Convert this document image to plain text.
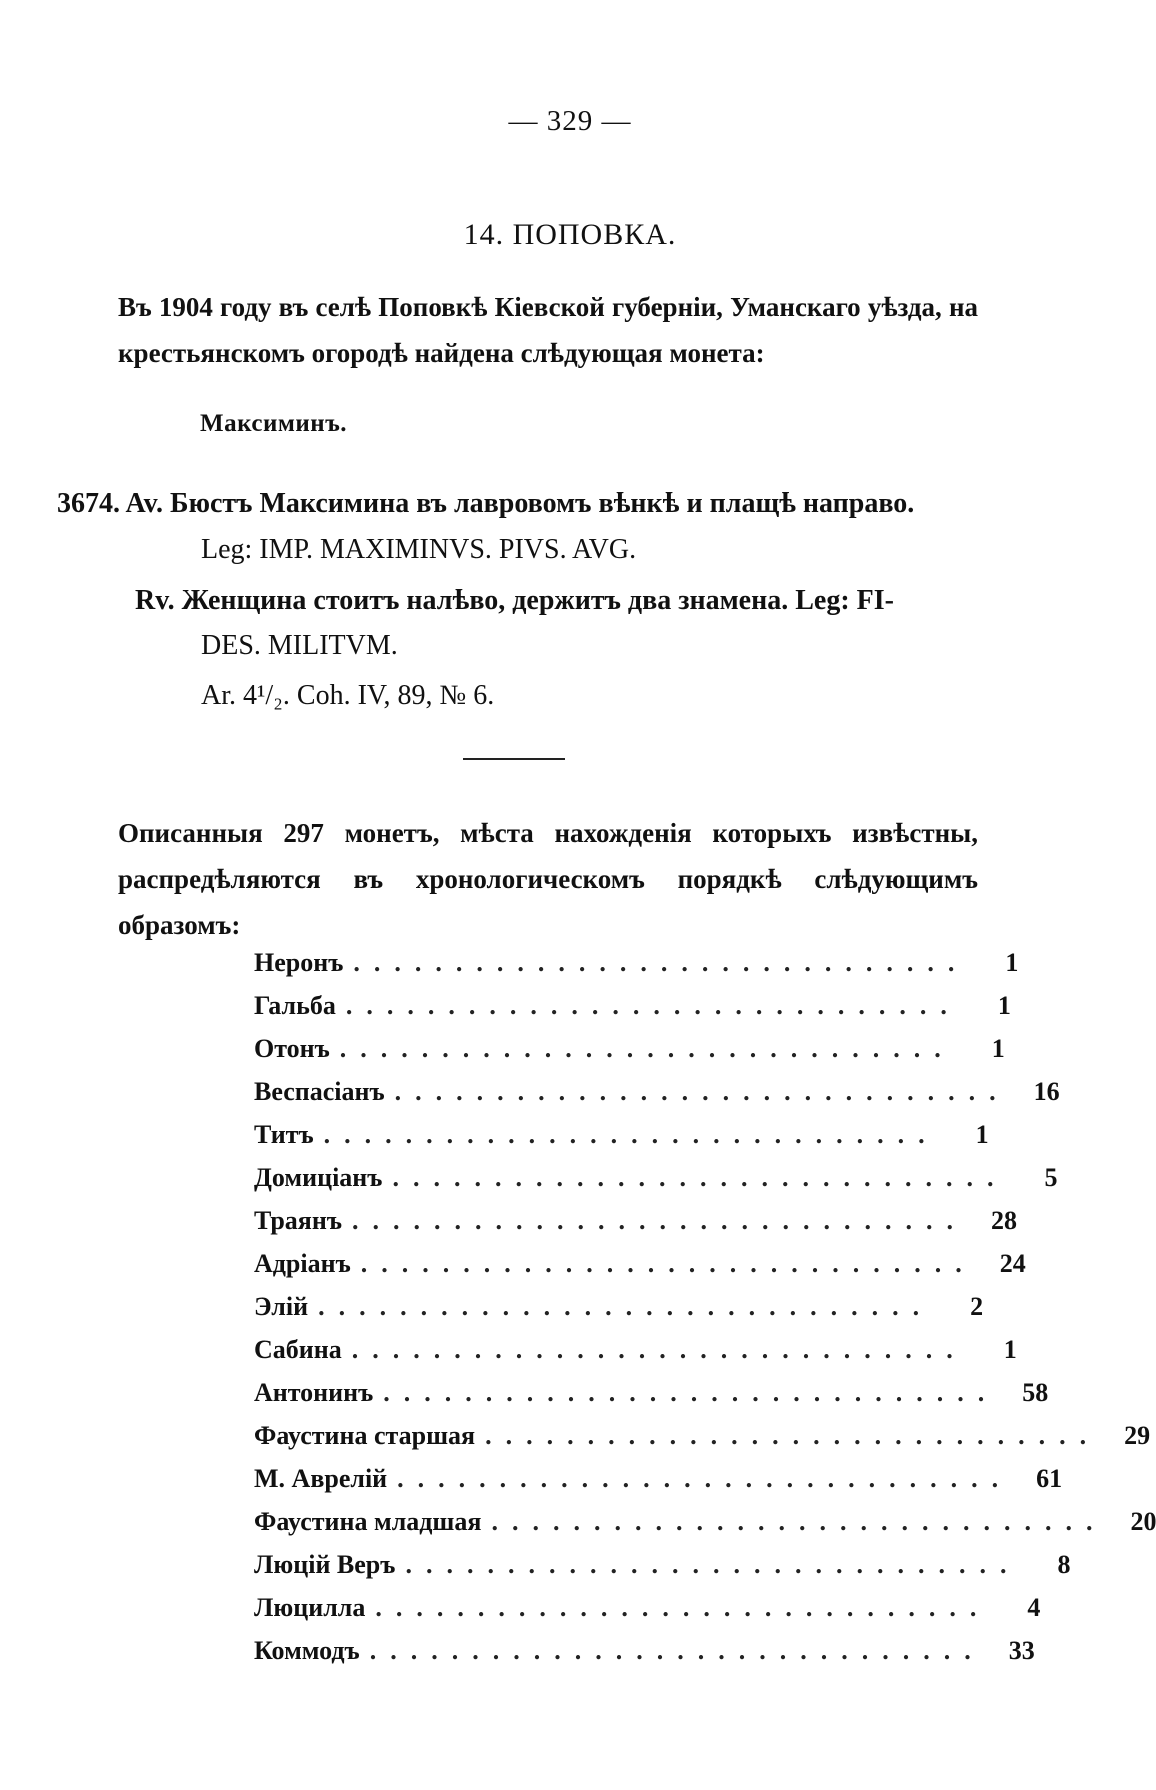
— 329 —
14. ПОПОВКА.
Въ 1904 году въ селѣ Поповкѣ Кіевской губерніи, Уманскаго уѣзда, на крестьянскомъ огородѣ найдена слѣдующая монета:
Максиминъ.
3674. Av. Бюстъ Максимина въ лавровомъ вѣнкѣ и плащѣ направо.
Leg: IMP. MAXIMINVS. PIVS. AVG.
Rv. Женщина стоитъ налѣво, держитъ два знамена. Leg: FI-
DES. MILITVM.
Ar. 4¹/₂. Coh. IV, 89, № 6.
Описанныя 297 монетъ, мѣста нахожденія которыхъ извѣстны, распредѣляются въ хронологическомъ порядкѣ слѣдующимъ образомъ:
Неронъ ..............................	1
Гальба ..............................	1
Отонъ ..............................	1
Веспасіанъ .............................. 16
Титъ ..............................	1
Домиціанъ ..............................	5
Траянъ .............................. 28
Адріанъ .............................. 24
Элій ..............................	2
Сабина ..............................	1
Антонинъ .............................. 58
Фаустина старшая .............................. 29
М. Аврелій .............................. 61
Фаустина младшая .............................. 20
Люцій Веръ ..............................	8
Люцилла ..............................	4
Коммодъ .............................. 33
